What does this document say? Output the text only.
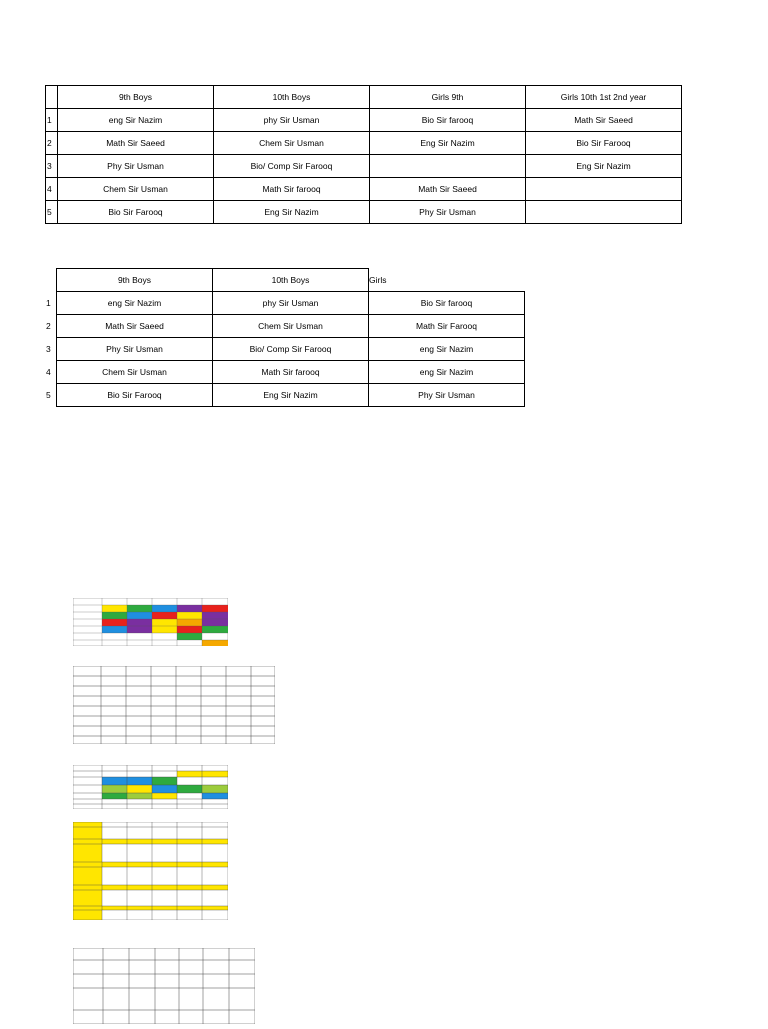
	9th Boys	10th Boys	Girls 9th	Girls 10th 1st 2nd year
1	eng Sir Nazim	phy Sir Usman	Bio Sir farooq	Math Sir Saeed
2	Math Sir Saeed	Chem Sir Usman	Eng Sir Nazim	Bio Sir Farooq
3	Phy Sir Usman	Bio/ Comp Sir Farooq		Eng Sir Nazim
4	Chem Sir Usman	Math Sir farooq	Math Sir Saeed	
5	Bio Sir Farooq	Eng Sir Nazim	Phy Sir Usman	
	9th Boys	10th Boys	Girls
1	eng Sir Nazim	phy Sir Usman	Bio Sir farooq
2	Math Sir Saeed	Chem Sir Usman	Math Sir Farooq
3	Phy Sir Usman	Bio/ Comp Sir Farooq	eng Sir Nazim
4	Chem Sir Usman	Math Sir farooq	eng Sir Nazim
5	Bio Sir Farooq	Eng Sir Nazim	Phy Sir Usman
